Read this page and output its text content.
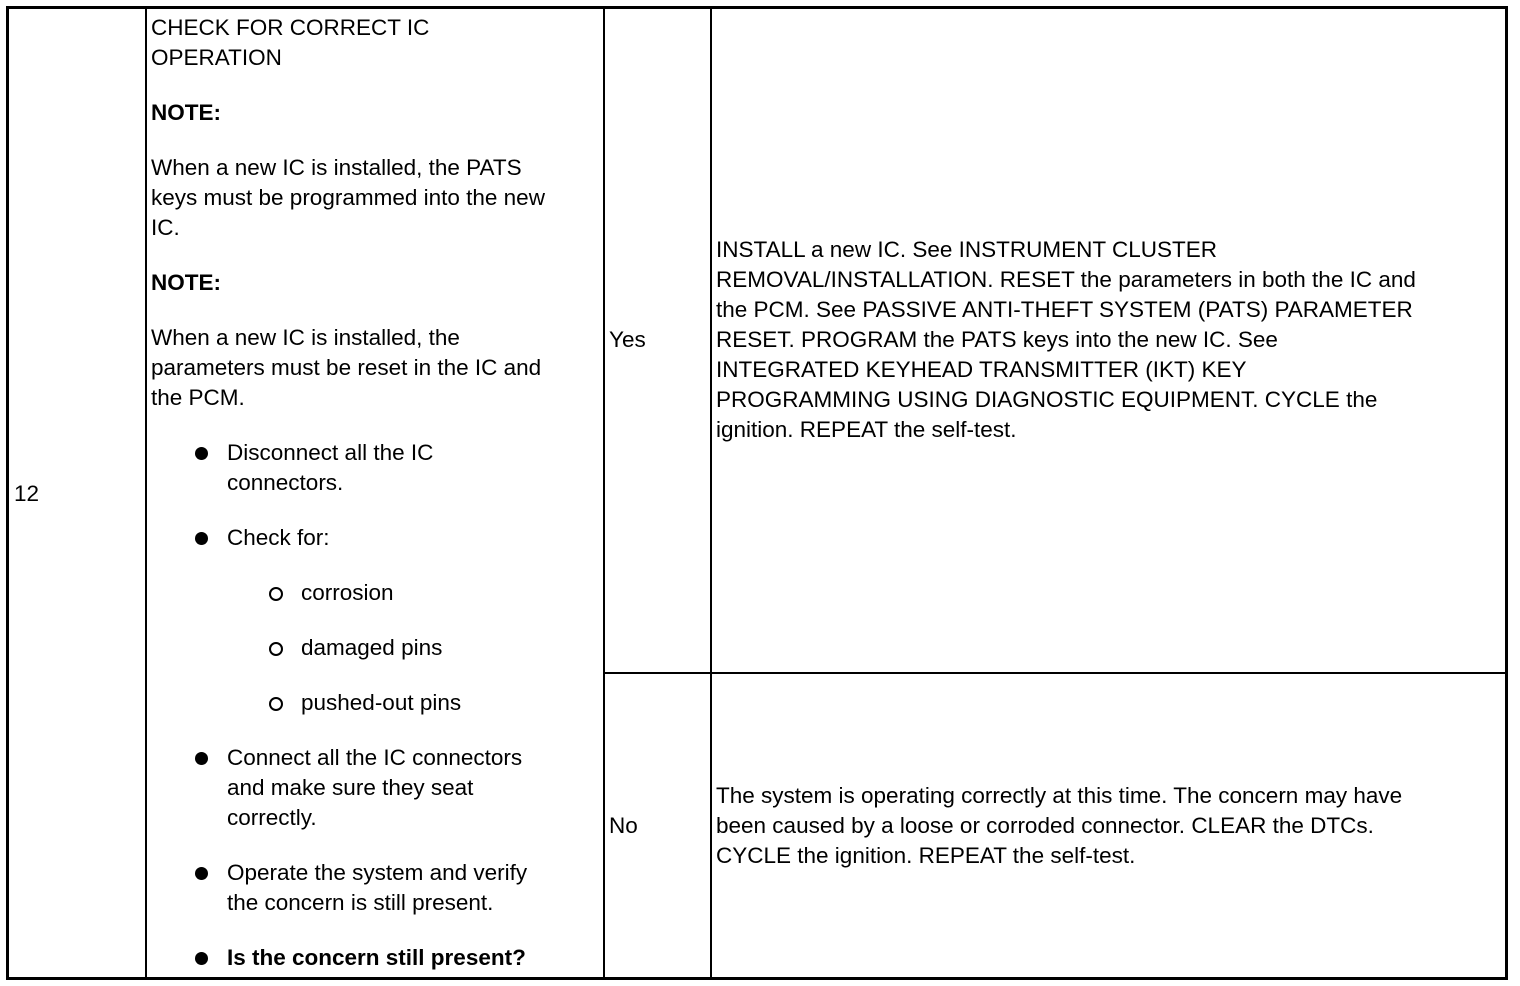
12

CHECK FOR CORRECT IC

OPERATION

NOTE:

When a new IC is installed, the PATS

keys must be programmed into the new

IC.

NOTE:

When a new IC is installed, the

parameters must be reset in the IC and

the PCM.

Disconnect all the IC

connectors.

Check for:

corrosion

damaged pins

pushed-out pins

Connect all the IC connectors

and make sure they seat

correctly.

Operate the system and verify

the concern is still present.

Is the concern still present?

Yes

INSTALL a new IC. See INSTRUMENT CLUSTER

REMOVAL/INSTALLATION. RESET the parameters in both the IC and

the PCM. See PASSIVE ANTI-THEFT SYSTEM (PATS) PARAMETER

RESET. PROGRAM the PATS keys into the new IC. See

INTEGRATED KEYHEAD TRANSMITTER (IKT) KEY

PROGRAMMING USING DIAGNOSTIC EQUIPMENT. CYCLE the

ignition. REPEAT the self-test.

No

The system is operating correctly at this time. The concern may have

been caused by a loose or corroded connector. CLEAR the DTCs.

CYCLE the ignition. REPEAT the self-test.
